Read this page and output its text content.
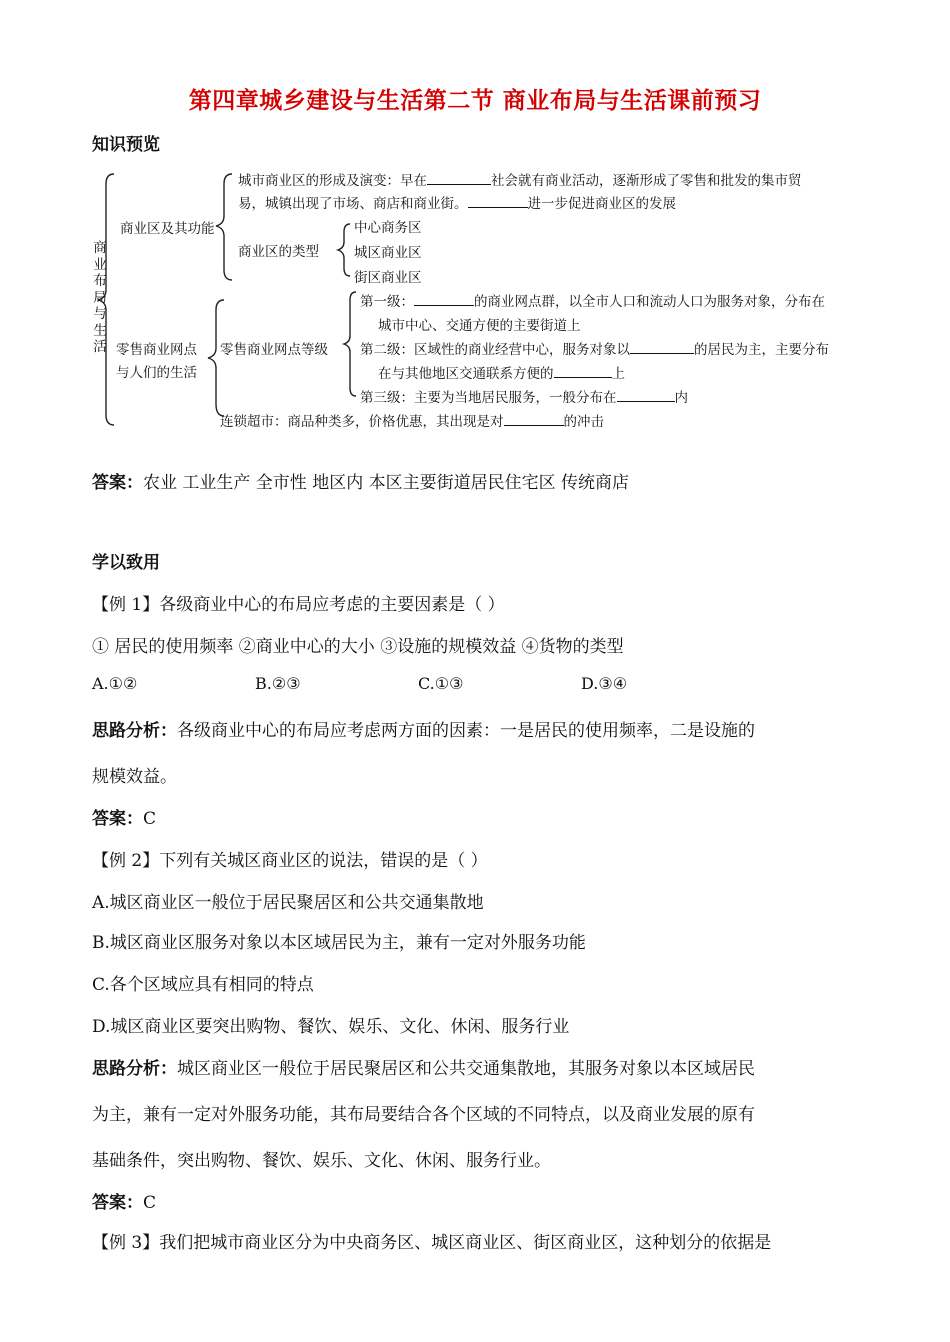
第四章城乡建设与生活第二节 商业布局与生活课前预习
知识预览
商
业
布
局
与
生
活
商业区及其功能
城市商业区的形成及演变：早在	社会就有商业活动，逐渐形成了零售和批发的集市贸
易，城镇出现了市场、商店和商业街。	进一步促进商业区的发展
商业区的类型
中心商务区
城区商业区
街区商业区
零售商业网点
与人们的生活
零售商业网点等级
第一级：	的商业网点群，以全市人口和流动人口为服务对象，分布在
城市中心、交通方便的主要街道上
第二级：区域性的商业经营中心，服务对象以	的居民为主，主要分布
在与其他地区交通联系方便的	上
第三级：主要为当地居民服务，一般分布在	内
连锁超市：商品种类多，价格优惠，其出现是对	的冲击
答案：农业 工业生产 全市性 地区内 本区主要街道居民住宅区 传统商店
学以致用
【例 1】各级商业中心的布局应考虑的主要因素是（ ）
① 居民的使用频率 ②商业中心的大小 ③设施的规模效益 ④货物的类型
A.①②	B.②③	C.①③	D.③④
思路分析：各级商业中心的布局应考虑两方面的因素：一是居民的使用频率，二是设施的
规模效益。
答案：C
【例 2】下列有关城区商业区的说法，错误的是（ ）
A.城区商业区一般位于居民聚居区和公共交通集散地
B.城区商业区服务对象以本区域居民为主，兼有一定对外服务功能
C.各个区域应具有相同的特点
D.城区商业区要突出购物、餐饮、娱乐、文化、休闲、服务行业
思路分析：城区商业区一般位于居民聚居区和公共交通集散地，其服务对象以本区域居民
为主，兼有一定对外服务功能，其布局要结合各个区域的不同特点，以及商业发展的原有
基础条件，突出购物、餐饮、娱乐、文化、休闲、服务行业。
答案：C
【例 3】我们把城市商业区分为中央商务区、城区商业区、街区商业区，这种划分的依据是
